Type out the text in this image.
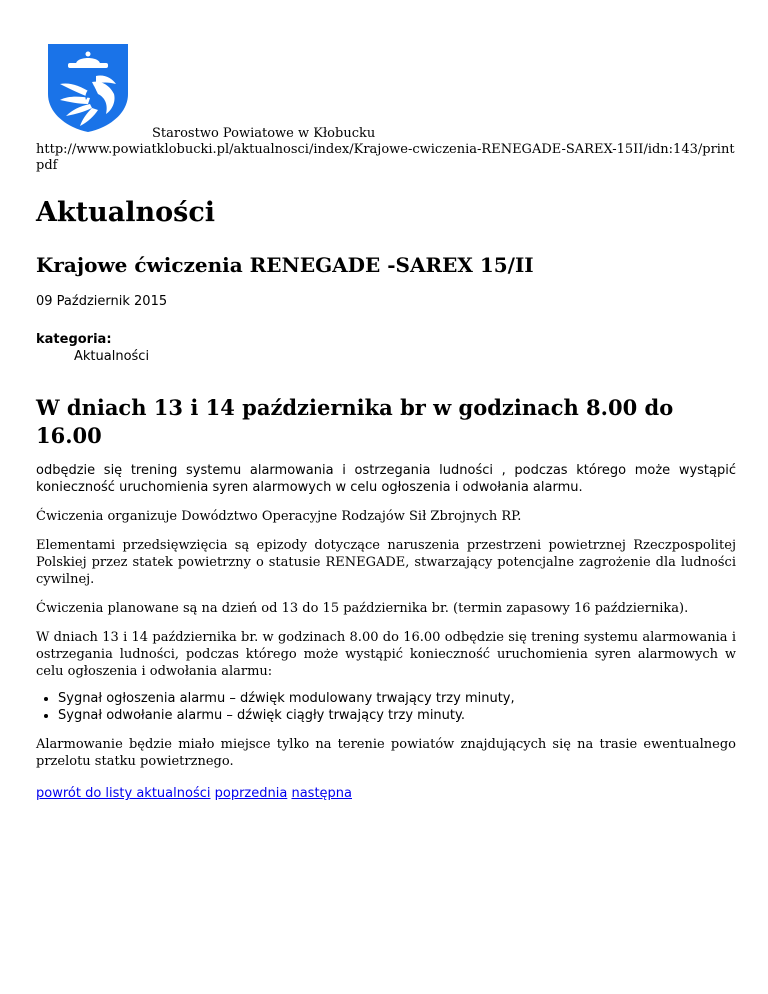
Starostwo Powiatowe w Kłobucku
http://www.powiatklobucki.pl/aktualnosci/index/Krajowe-cwiczenia-RENEGADE-SAREX-15II/idn:143/print
pdf
Aktualności
Krajowe ćwiczenia RENEGADE -SAREX 15/II
09 Październik 2015
kategoria:
Aktualności
W dniach 13 i 14 października br w godzinach 8.00 do 16.00

odbędzie się trening systemu alarmowania i ostrzegania ludności , podczas którego może wystąpić konieczność uruchomienia syren alarmowych w celu ogłoszenia i odwołania alarmu.

Ćwiczenia organizuje Dowództwo Operacyjne Rodzajów Sił Zbrojnych RP.

Elementami przedsięwzięcia są epizody dotyczące naruszenia przestrzeni powietrznej Rzeczpospolitej Polskiej przez statek powietrzny o statusie RENEGADE, stwarzający potencjalne zagrożenie dla ludności cywilnej.

Ćwiczenia planowane są na dzień od 13 do 15 października br. (termin zapasowy 16 października).

W dniach 13 i 14 października br. w godzinach 8.00 do 16.00 odbędzie się trening systemu alarmowania i ostrzegania ludności, podczas którego może wystąpić konieczność uruchomienia syren alarmowych w celu ogłoszenia i odwołania alarmu:

• Sygnał ogłoszenia alarmu – dźwięk modulowany trwający trzy minuty,
• Sygnał odwołanie alarmu – dźwięk ciągły trwający trzy minuty.

Alarmowanie będzie miało miejsce tylko na terenie powiatów znajdujących się na trasie ewentualnego przelotu statku powietrznego.

powrót do listy aktualności poprzednia następna
